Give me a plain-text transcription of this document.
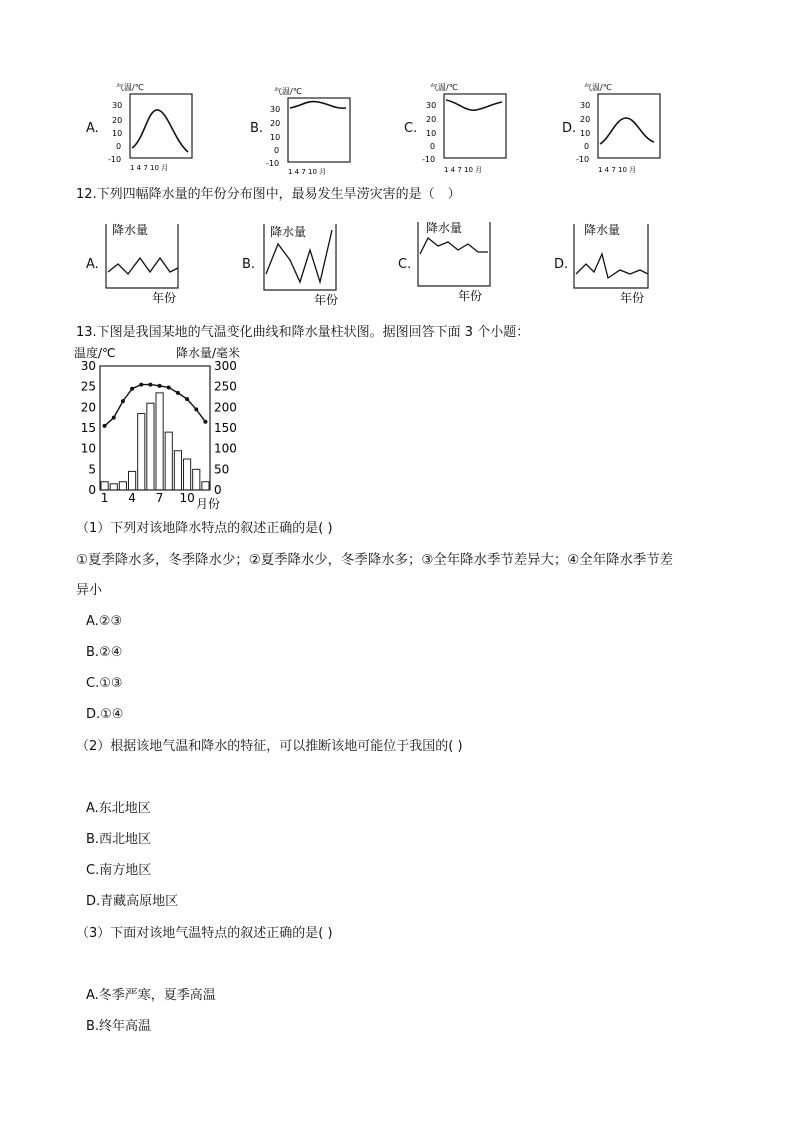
A.
气温/℃
30
20
10
0
-10
1 4 7 10 月
B.
气温/℃
30
20
10
0
-10
1 4 7 10 月
C.
气温/℃
30
20
10
0
-10
1 4 7 10 月
D.
气温/℃
30
20
10
0
-10
1 4 7 10 月
12.下列四幅降水量的年份分布图中，最易发生旱涝灾害的是（　）
A.
降水量
年份
B.
降水量
年份
C.
降水量
年份
D.
降水量
年份
13.下图是我国某地的气温变化曲线和降水量柱状图。据图回答下面 3 个小题：
温度/℃	降水量/毫米
30
25
20
15
10
5
0
300
250
200
150
100
50
0
1 4 7 10 月份
（1）下列对该地降水特点的叙述正确的是( )
①夏季降水多，冬季降水少；②夏季降水少，冬季降水多；③全年降水季节差异大；④全年降水季节差
异小
A.②③
B.②④
C.①③
D.①④
（2）根据该地气温和降水的特征，可以推断该地可能位于我国的( )
A.东北地区
B.西北地区
C.南方地区
D.青藏高原地区
（3）下面对该地气温特点的叙述正确的是( )
A.冬季严寒，夏季高温
B.终年高温
